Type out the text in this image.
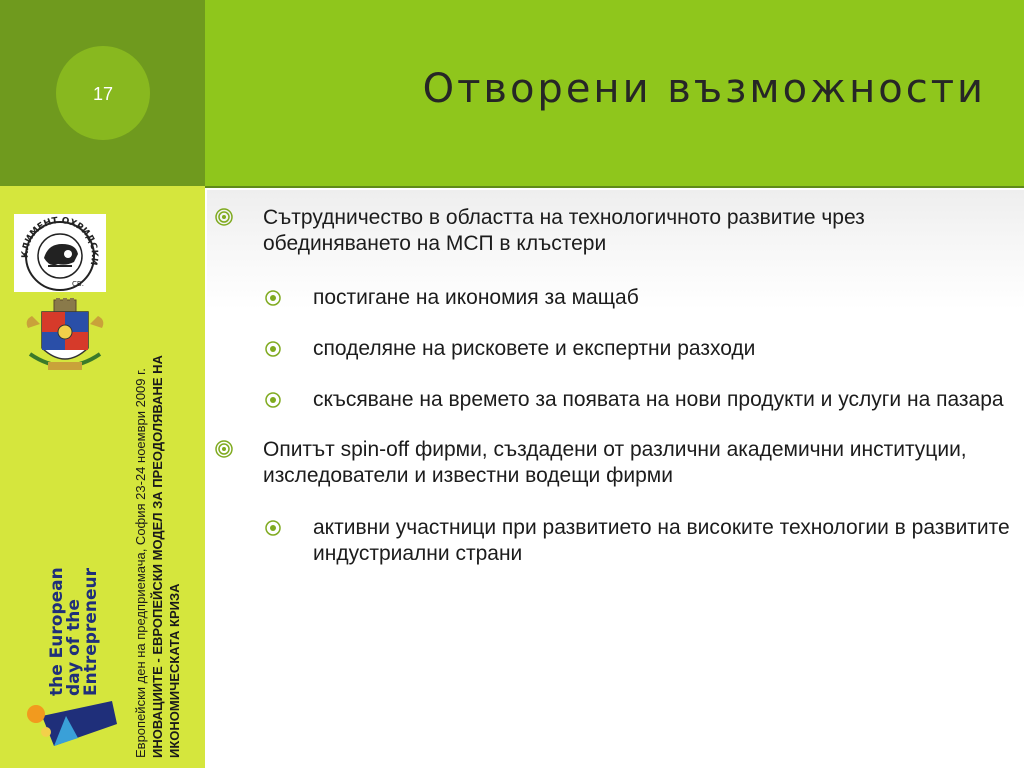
17	Отворени възможности
КЛИМЕНТ ОХРИДСКИ
СВ.
the European
day of the
Entrepreneur Европейски ден на предприемача, София 23-24 ноември 2009 г. ИНОВАЦИИТЕ - ЕВРОПЕЙСКИ МОДЕЛ ЗА ПРЕОДОЛЯВАНЕ НА ИКОНОМИЧЕСКАТА КРИЗА
Сътрудничество в областта на технологичното развитие чрез обединяването на МСП в клъстери
постигане на икономия за мащаб
споделяне на рисковете и експертни разходи
скъсяване на времето за появата на нови продукти и услуги на пазара
Опитът spin-off фирми, създадени от различни академични институции, изследователи и известни водещи фирми
активни участници при развитието на високите технологии в развитите индустриални страни
